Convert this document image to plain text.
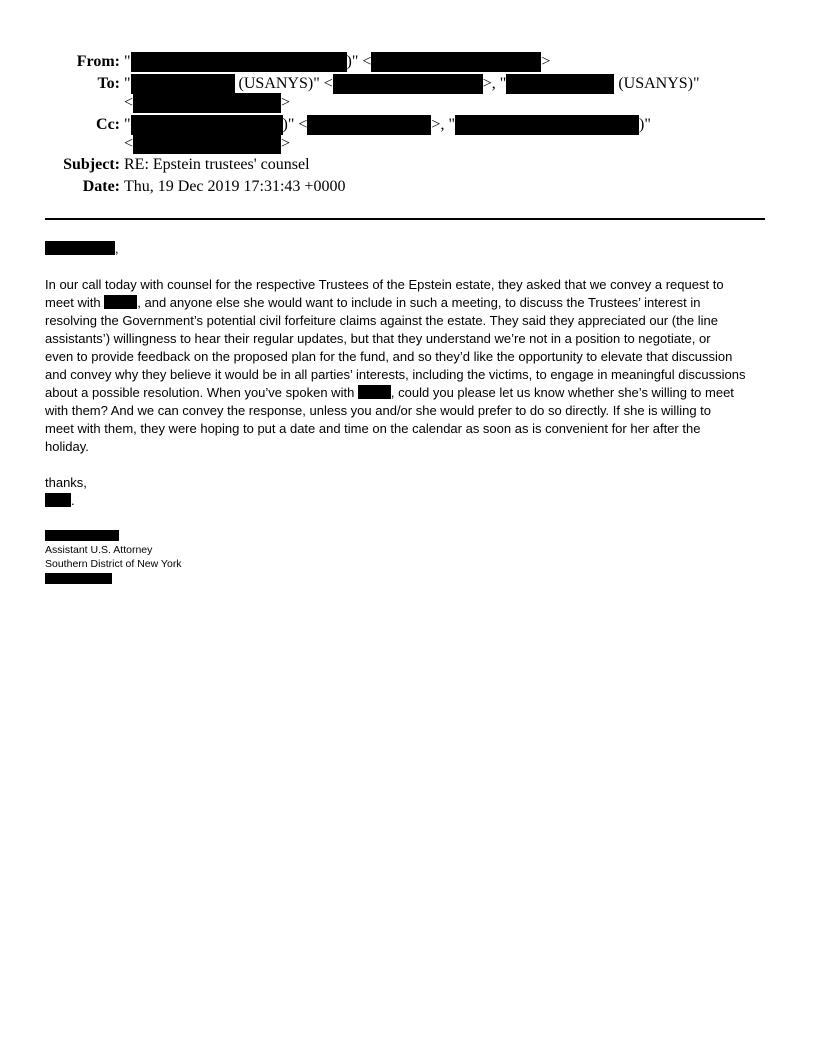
From: "	)" <	>
To: "	(USANYS)" <	>, "	(USANYS)"
<	>
Cc: "	)" <	>, "	)"
<	>
Subject: RE: Epstein trustees' counsel
Date: Thu, 19 Dec 2019 17:31:43 +0000
,
In our call today with counsel for the respective Trustees of the Epstein estate, they asked that we convey a request to
meet with	, and anyone else she would want to include in such a meeting, to discuss the Trustees’ interest in
resolving the Government’s potential civil forfeiture claims against the estate. They said they appreciated our (the line
assistants’) willingness to hear their regular updates, but that they understand we’re not in a position to negotiate, or
even to provide feedback on the proposed plan for the fund, and so they’d like the opportunity to elevate that discussion
and convey why they believe it would be in all parties’ interests, including the victims, to engage in meaningful discussions
about a possible resolution. When you’ve spoken with	, could you please let us know whether she’s willing to meet
with them? And we can convey the response, unless you and/or she would prefer to do so directly. If she is willing to
meet with them, they were hoping to put a date and time on the calendar as soon as is convenient for her after the
holiday.
thanks,
.
Assistant U.S. Attorney
Southern District of New York
